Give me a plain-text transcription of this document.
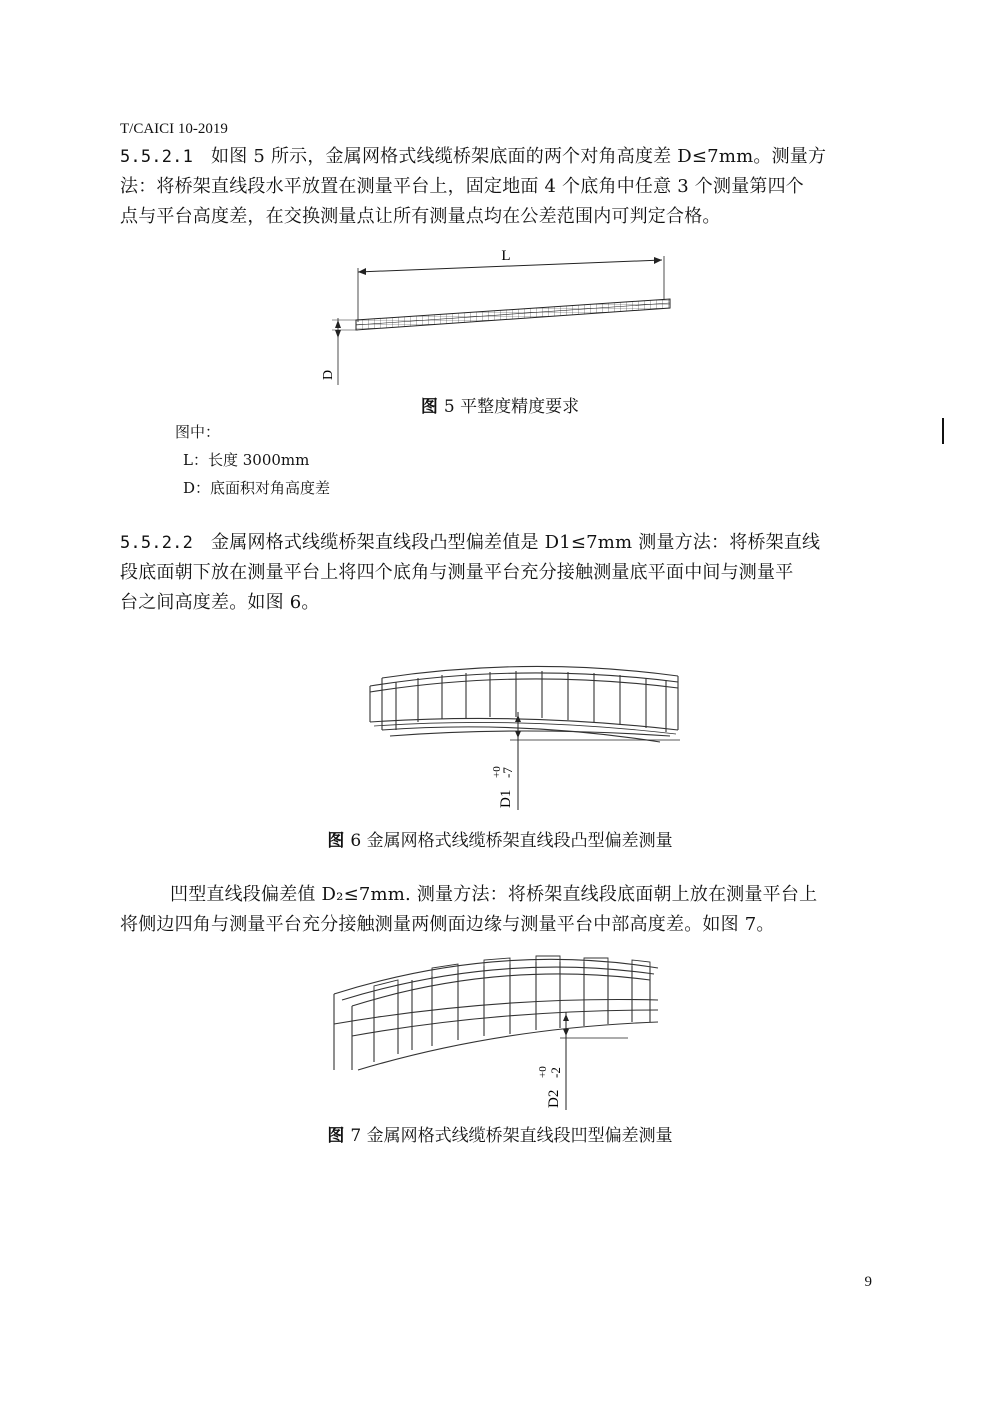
T/CAICI 10-2019
5.5.2.1 如图 5 所示，金属网格式线缆桥架底面的两个对角高度差 D≤7mm。测量方
法：将桥架直线段水平放置在测量平台上，固定地面 4 个底角中任意 3 个测量第四个
点与平台高度差，在交换测量点让所有测量点均在公差范围内可判定合格。
L
D
图 5 平整度精度要求
图中：
L：长度 3000mm
D：底面积对角高度差
5.5.2.2 金属网格式线缆桥架直线段凸型偏差值是 D1≤7mm 测量方法：将桥架直线
段底面朝下放在测量平台上将四个底角与测量平台充分接触测量底平面中间与测量平
台之间高度差。如图 6。
D1
+0
-7
图 6 金属网格式线缆桥架直线段凸型偏差测量
凹型直线段偏差值 D₂≤7mm. 测量方法：将桥架直线段底面朝上放在测量平台上
将侧边四角与测量平台充分接触测量两侧面边缘与测量平台中部高度差。如图 7。
D2
+0 -2
图 7 金属网格式线缆桥架直线段凹型偏差测量
9
